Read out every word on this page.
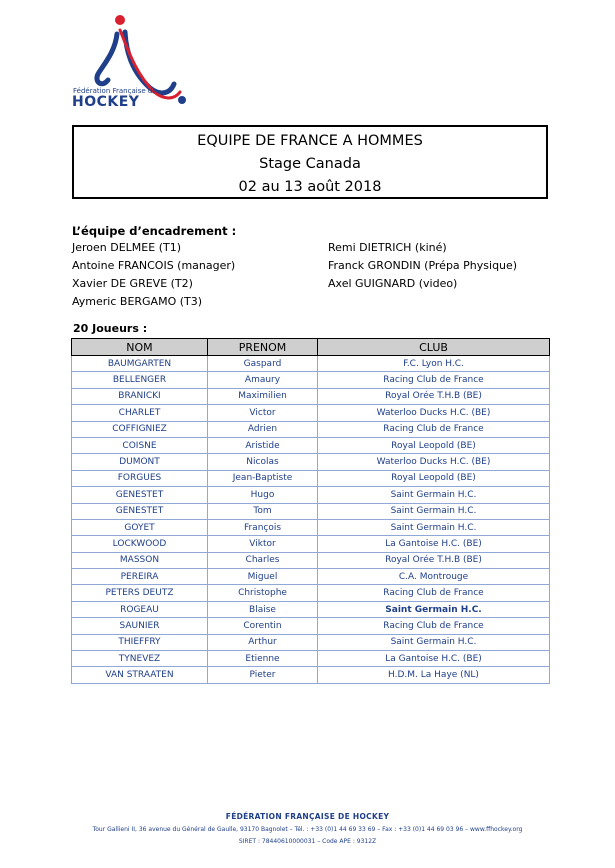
Fédération Française de
HOCKEY
EQUIPE DE FRANCE A HOMMES
Stage Canada
02 au 13 août 2018
L’équipe d’encadrement :
Jeroen DELMEE (T1)
Antoine FRANCOIS (manager)
Xavier DE GREVE (T2)
Aymeric BERGAMO (T3)
Remi DIETRICH (kiné)
Franck GRONDIN (Prépa Physique)
Axel GUIGNARD (video)
20 Joueurs :
NOM	PRENOM	CLUB
BAUMGARTEN	Gaspard	F.C. Lyon H.C.
BELLENGER	Amaury	Racing Club de France
BRANICKI	Maximilien	Royal Orée T.H.B (BE)
CHARLET	Victor	Waterloo Ducks H.C. (BE)
COFFIGNIEZ	Adrien	Racing Club de France
COISNE	Aristide	Royal Leopold (BE)
DUMONT	Nicolas	Waterloo Ducks H.C. (BE)
FORGUES	Jean-Baptiste	Royal Leopold (BE)
GENESTET	Hugo	Saint Germain H.C.
GENESTET	Tom	Saint Germain H.C.
GOYET	François	Saint Germain H.C.
LOCKWOOD	Viktor	La Gantoise H.C. (BE)
MASSON	Charles	Royal Orée T.H.B (BE)
PEREIRA	Miguel	C.A. Montrouge
PETERS DEUTZ	Christophe	Racing Club de France
ROGEAU	Blaise	Saint Germain H.C.
SAUNIER	Corentin	Racing Club de France
THIEFFRY	Arthur	Saint Germain H.C.
TYNEVEZ	Etienne	La Gantoise H.C. (BE)
VAN STRAATEN	Pieter	H.D.M. La Haye (NL)
FÉDÉRATION FRANÇAISE DE HOCKEY
Tour Gallieni II, 36 avenue du Général de Gaulle, 93170 Bagnolet – Tél. : +33 (0)1 44 69 33 69 – Fax : +33 (0)1 44 69 03 96 – www.ffhockey.org
SIRET : 78440610000031 – Code APE : 9312Z
